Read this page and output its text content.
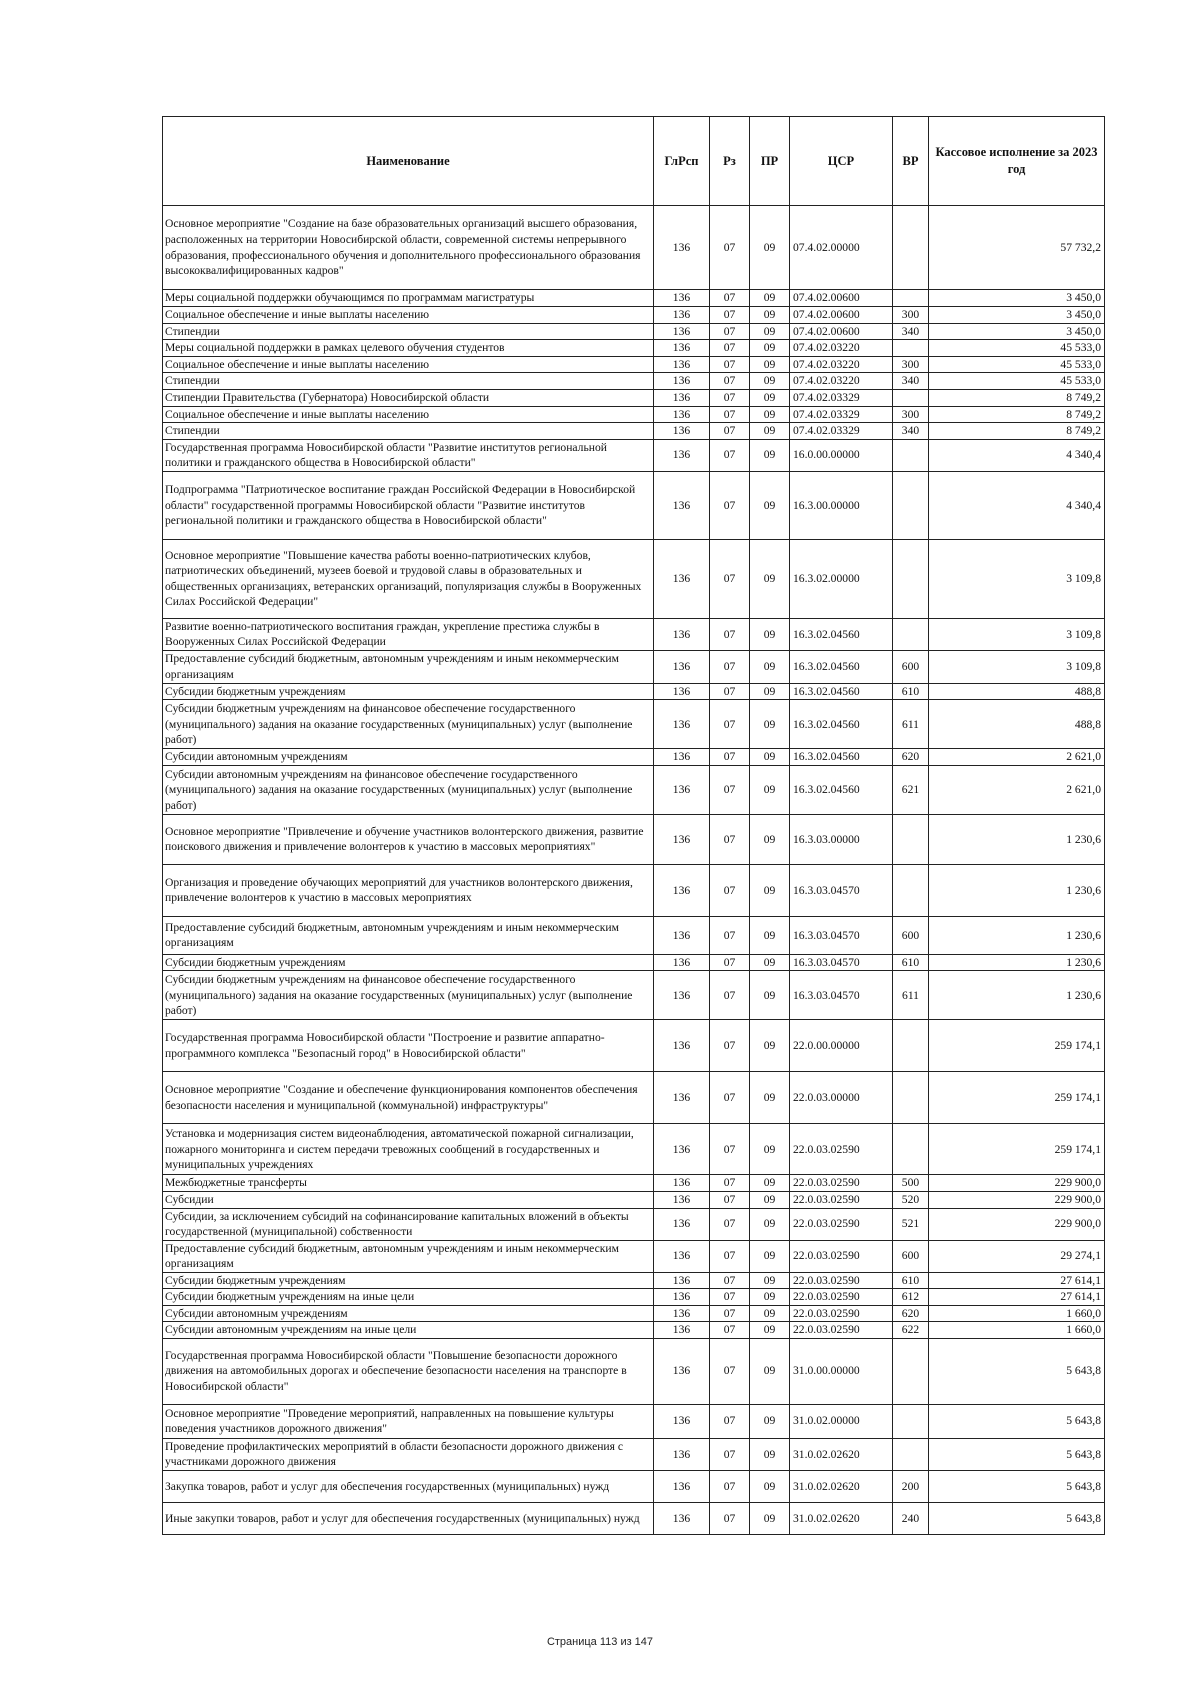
Наименование	ГлРсп	Рз	ПР	ЦСР	ВР	Кассовое исполнение за 2023 год
Основное мероприятие "Создание на базе образовательных организаций высшего образования, расположенных на территории Новосибирской области, современной системы непрерывного образования, профессионального обучения и дополнительного профессионального образования высококвалифицированных кадров"	136	07	09	07.4.02.00000		57 732,2
Меры социальной поддержки обучающимся по программам магистратуры	136	07	09	07.4.02.00600		3 450,0
Социальное обеспечение и иные выплаты населению	136	07	09	07.4.02.00600	300	3 450,0
Стипендии	136	07	09	07.4.02.00600	340	3 450,0
Меры социальной поддержки в рамках целевого обучения студентов	136	07	09	07.4.02.03220		45 533,0
Социальное обеспечение и иные выплаты населению	136	07	09	07.4.02.03220	300	45 533,0
Стипендии	136	07	09	07.4.02.03220	340	45 533,0
Стипендии Правительства (Губернатора) Новосибирской области	136	07	09	07.4.02.03329		8 749,2
Социальное обеспечение и иные выплаты населению	136	07	09	07.4.02.03329	300	8 749,2
Стипендии	136	07	09	07.4.02.03329	340	8 749,2
Государственная программа Новосибирской области "Развитие институтов региональной политики и гражданского общества в Новосибирской области"	136	07	09	16.0.00.00000		4 340,4
Подпрограмма "Патриотическое воспитание граждан Российской Федерации в Новосибирской области" государственной программы Новосибирской области "Развитие институтов региональной политики и гражданского общества в Новосибирской области"	136	07	09	16.3.00.00000		4 340,4
Основное мероприятие "Повышение качества работы военно-патриотических клубов, патриотических объединений, музеев боевой и трудовой славы в образовательных и общественных организациях, ветеранских организаций, популяризация службы в Вооруженных Силах Российской Федерации"	136	07	09	16.3.02.00000		3 109,8
Развитие военно-патриотического воспитания граждан, укрепление престижа службы в Вооруженных Силах Российской Федерации	136	07	09	16.3.02.04560		3 109,8
Предоставление субсидий бюджетным, автономным учреждениям и иным некоммерческим организациям	136	07	09	16.3.02.04560	600	3 109,8
Субсидии бюджетным учреждениям	136	07	09	16.3.02.04560	610	488,8
Субсидии бюджетным учреждениям на финансовое обеспечение государственного (муниципального) задания на оказание государственных (муниципальных) услуг (выполнение работ)	136	07	09	16.3.02.04560	611	488,8
Субсидии автономным учреждениям	136	07	09	16.3.02.04560	620	2 621,0
Субсидии автономным учреждениям на финансовое обеспечение государственного (муниципального) задания на оказание государственных (муниципальных) услуг (выполнение работ)	136	07	09	16.3.02.04560	621	2 621,0
Основное мероприятие "Привлечение и обучение участников волонтерского движения, развитие поискового движения и привлечение волонтеров к участию в массовых мероприятиях"	136	07	09	16.3.03.00000		1 230,6
Организация и проведение обучающих мероприятий для участников волонтерского движения, привлечение волонтеров к участию в массовых мероприятиях	136	07	09	16.3.03.04570		1 230,6
Предоставление субсидий бюджетным, автономным учреждениям и иным некоммерческим организациям	136	07	09	16.3.03.04570	600	1 230,6
Субсидии бюджетным учреждениям	136	07	09	16.3.03.04570	610	1 230,6
Субсидии бюджетным учреждениям на финансовое обеспечение государственного (муниципального) задания на оказание государственных (муниципальных) услуг (выполнение работ)	136	07	09	16.3.03.04570	611	1 230,6
Государственная программа Новосибирской области "Построение и развитие аппаратно-программного комплекса "Безопасный город" в Новосибирской области"	136	07	09	22.0.00.00000		259 174,1
Основное мероприятие "Создание и обеспечение функционирования компонентов обеспечения безопасности населения и муниципальной (коммунальной) инфраструктуры"	136	07	09	22.0.03.00000		259 174,1
Установка и модернизация систем видеонаблюдения, автоматической пожарной сигнализации, пожарного мониторинга и систем передачи тревожных сообщений в государственных и муниципальных учреждениях	136	07	09	22.0.03.02590		259 174,1
Межбюджетные трансферты	136	07	09	22.0.03.02590	500	229 900,0
Субсидии	136	07	09	22.0.03.02590	520	229 900,0
Субсидии, за исключением субсидий на софинансирование капитальных вложений в объекты государственной (муниципальной) собственности	136	07	09	22.0.03.02590	521	229 900,0
Предоставление субсидий бюджетным, автономным учреждениям и иным некоммерческим организациям	136	07	09	22.0.03.02590	600	29 274,1
Субсидии бюджетным учреждениям	136	07	09	22.0.03.02590	610	27 614,1
Субсидии бюджетным учреждениям на иные цели	136	07	09	22.0.03.02590	612	27 614,1
Субсидии автономным учреждениям	136	07	09	22.0.03.02590	620	1 660,0
Субсидии автономным учреждениям на иные цели	136	07	09	22.0.03.02590	622	1 660,0
Государственная программа Новосибирской области "Повышение безопасности дорожного движения на автомобильных дорогах и обеспечение безопасности населения на транспорте в Новосибирской области"	136	07	09	31.0.00.00000		5 643,8
Основное мероприятие "Проведение мероприятий, направленных на повышение культуры поведения участников дорожного движения"	136	07	09	31.0.02.00000		5 643,8
Проведение профилактических мероприятий в области безопасности дорожного движения с участниками дорожного движения	136	07	09	31.0.02.02620		5 643,8
Закупка товаров, работ и услуг для обеспечения государственных (муниципальных) нужд	136	07	09	31.0.02.02620	200	5 643,8
Иные закупки товаров, работ и услуг для обеспечения государственных (муниципальных) нужд	136	07	09	31.0.02.02620	240	5 643,8
Страница 113 из 147
